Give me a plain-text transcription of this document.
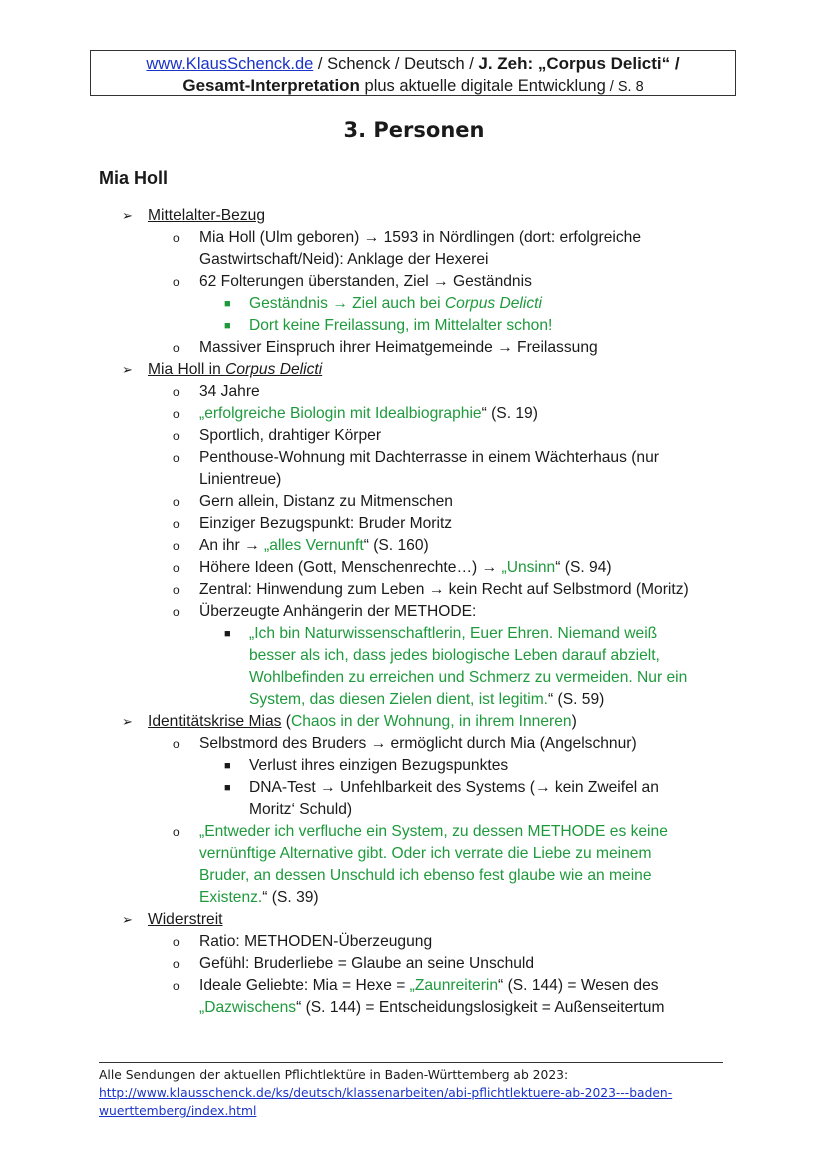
www.KlausSchenck.de / Schenck / Deutsch / J. Zeh: „Corpus Delicti“ /
Gesamt-Interpretation plus aktuelle digitale Entwicklung / S. 8
3. Personen
Mia Holl
➢ Mittelalter-Bezug
o Mia Holl (Ulm geboren) → 1593 in Nördlingen (dort: erfolgreiche
Gastwirtschaft/Neid): Anklage der Hexerei
o 62 Folterungen überstanden, Ziel → Geständnis
■ Geständnis → Ziel auch bei Corpus Delicti
■ Dort keine Freilassung, im Mittelalter schon!
o Massiver Einspruch ihrer Heimatgemeinde → Freilassung
➢ Mia Holl in Corpus Delicti
o 34 Jahre
o „erfolgreiche Biologin mit Idealbiographie“ (S. 19)
o Sportlich, drahtiger Körper
o Penthouse-Wohnung mit Dachterrasse in einem Wächterhaus (nur
Linientreue)
o Gern allein, Distanz zu Mitmenschen
o Einziger Bezugspunkt: Bruder Moritz
o An ihr → „alles Vernunft“ (S. 160)
o Höhere Ideen (Gott, Menschenrechte…) → „Unsinn“ (S. 94)
o Zentral: Hinwendung zum Leben → kein Recht auf Selbstmord (Moritz)
o Überzeugte Anhängerin der METHODE:
■ „Ich bin Naturwissenschaftlerin, Euer Ehren. Niemand weiß
besser als ich, dass jedes biologische Leben darauf abzielt,
Wohlbefinden zu erreichen und Schmerz zu vermeiden. Nur ein
System, das diesen Zielen dient, ist legitim.“ (S. 59)
➢ Identitätskrise Mias (Chaos in der Wohnung, in ihrem Inneren)
o Selbstmord des Bruders → ermöglicht durch Mia (Angelschnur)
■ Verlust ihres einzigen Bezugspunktes
■ DNA-Test → Unfehlbarkeit des Systems (→ kein Zweifel an
Moritz‘ Schuld)
o „Entweder ich verfluche ein System, zu dessen METHODE es keine
vernünftige Alternative gibt. Oder ich verrate die Liebe zu meinem
Bruder, an dessen Unschuld ich ebenso fest glaube wie an meine
Existenz.“ (S. 39)
➢ Widerstreit
o Ratio: METHODEN-Überzeugung
o Gefühl: Bruderliebe = Glaube an seine Unschuld
o Ideale Geliebte: Mia = Hexe = „Zaunreiterin“ (S. 144) = Wesen des
„Dazwischens“ (S. 144) = Entscheidungslosigkeit = Außenseitertum
Alle Sendungen der aktuellen Pflichtlektüre in Baden-Württemberg ab 2023:
http://www.klausschenck.de/ks/deutsch/klassenarbeiten/abi-pflichtlektuere-ab-2023---baden-
wuerttemberg/index.html
